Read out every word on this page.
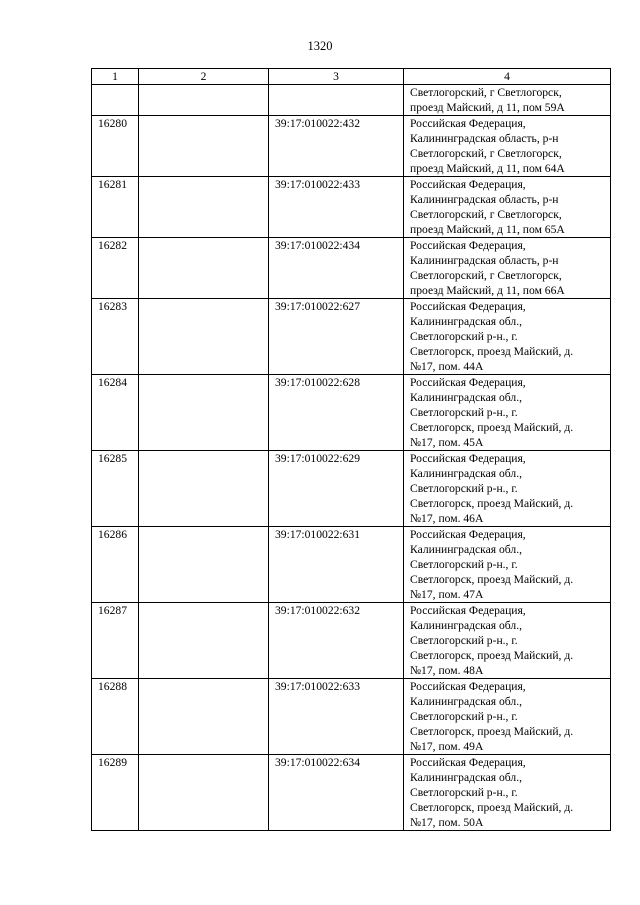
1320
1	2	3	4

			Светлогорский, г Светлогорск,
проезд Майский, д 11, пом 59А

16280		39:17:010022:432	Российская Федерация,
Калининградская область, р-н
Светлогорский, г Светлогорск,
проезд Майский, д 11, пом 64А

16281		39:17:010022:433	Российская Федерация,
Калининградская область, р-н
Светлогорский, г Светлогорск,
проезд Майский, д 11, пом 65А

16282		39:17:010022:434	Российская Федерация,
Калининградская область, р-н
Светлогорский, г Светлогорск,
проезд Майский, д 11, пом 66А

16283		39:17:010022:627	Российская Федерация,
Калининградская обл.,
Светлогорский р-н., г.
Светлогорск, проезд Майский, д.
№17, пом. 44А

16284		39:17:010022:628	Российская Федерация,
Калининградская обл.,
Светлогорский р-н., г.
Светлогорск, проезд Майский, д.
№17, пом. 45А

16285		39:17:010022:629	Российская Федерация,
Калининградская обл.,
Светлогорский р-н., г.
Светлогорск, проезд Майский, д.
№17, пом. 46А

16286		39:17:010022:631	Российская Федерация,
Калининградская обл.,
Светлогорский р-н., г.
Светлогорск, проезд Майский, д.
№17, пом. 47А

16287		39:17:010022:632	Российская Федерация,
Калининградская обл.,
Светлогорский р-н., г.
Светлогорск, проезд Майский, д.
№17, пом. 48А

16288		39:17:010022:633	Российская Федерация,
Калининградская обл.,
Светлогорский р-н., г.
Светлогорск, проезд Майский, д.
№17, пом. 49А

16289		39:17:010022:634	Российская Федерация,
Калининградская обл.,
Светлогорский р-н., г.
Светлогорск, проезд Майский, д.
№17, пом. 50А
